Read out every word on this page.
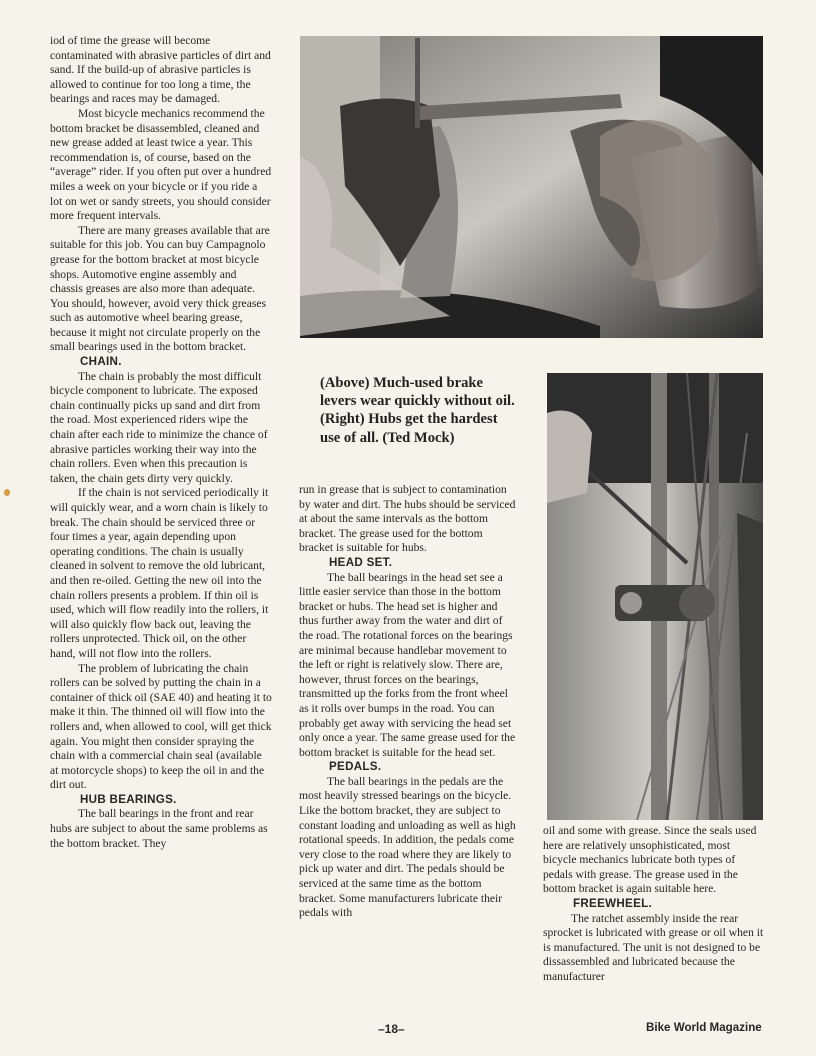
iod of time the grease will become contaminated with abrasive particles of dirt and sand. If the build-up of abrasive particles is allowed to continue for too long a time, the bearings and races may be damaged.

Most bicycle mechanics recommend the bottom bracket be disassembled, cleaned and new grease added at least twice a year. This recommendation is, of course, based on the “average” rider. If you often put over a hundred miles a week on your bicycle or if you ride a lot on wet or sandy streets, you should consider more frequent intervals.

There are many greases available that are suitable for this job. You can buy Campagnolo grease for the bottom bracket at most bicycle shops. Automotive engine assembly and chassis greases are also more than adequate. You should, however, avoid very thick greases such as automotive wheel bearing grease, because it might not circulate properly on the small bearings used in the bottom bracket.

CHAIN.

The chain is probably the most difficult bicycle component to lubricate. The exposed chain continually picks up sand and dirt from the road. Most experienced riders wipe the chain after each ride to minimize the chance of abrasive particles working their way into the chain rollers. Even when this precaution is taken, the chain gets dirty very quickly.

If the chain is not serviced periodically it will quickly wear, and a worn chain is likely to break. The chain should be serviced three or four times a year, again depending upon operating conditions. The chain is usually cleaned in solvent to remove the old lubricant, and then re-oiled. Getting the new oil into the chain rollers presents a problem. If thin oil is used, which will flow readily into the rollers, it will also quickly flow back out, leaving the rollers unprotected. Thick oil, on the other hand, will not flow into the rollers.

The problem of lubricating the chain rollers can be solved by putting the chain in a container of thick oil (SAE 40) and heating it to make it thin. The thinned oil will flow into the rollers and, when allowed to cool, will get thick again. You might then consider spraying the chain with a commercial chain seal (available at motorcycle shops) to keep the oil in and the dirt out.

HUB BEARINGS.

The ball bearings in the front and rear hubs are subject to about the same problems as the bottom bracket. They

(Above) Much-used brake levers wear quickly without oil. (Right) Hubs get the hardest use of all. (Ted Mock)

run in grease that is subject to contamination by water and dirt. The hubs should be serviced at about the same intervals as the bottom bracket. The grease used for the bottom bracket is suitable for hubs.

HEAD SET.

The ball bearings in the head set see a little easier service than those in the bottom bracket or hubs. The head set is higher and thus further away from the water and dirt of the road. The rotational forces on the bearings are minimal because handlebar movement to the left or right is relatively slow. There are, however, thrust forces on the bearings, transmitted up the forks from the front wheel as it rolls over bumps in the road. You can probably get away with servicing the head set only once a year. The same grease used for the bottom bracket is suitable for the head set.

PEDALS.

The ball bearings in the pedals are the most heavily stressed bearings on the bicycle. Like the bottom bracket, they are subject to constant loading and unloading as well as high rotational speeds. In addition, the pedals come very close to the road where they are likely to pick up water and dirt. The pedals should be serviced at the same time as the bottom bracket. Some manufacturers lubricate their pedals with

oil and some with grease. Since the seals used here are relatively unsophisticated, most bicycle mechanics lubricate both types of pedals with grease. The grease used in the bottom bracket is again suitable here.

FREEWHEEL.

The ratchet assembly inside the rear sprocket is lubricated with grease or oil when it is manufactured. The unit is not designed to be dissassembled and lubricated because the manufacturer

–18–	Bike World Magazine
